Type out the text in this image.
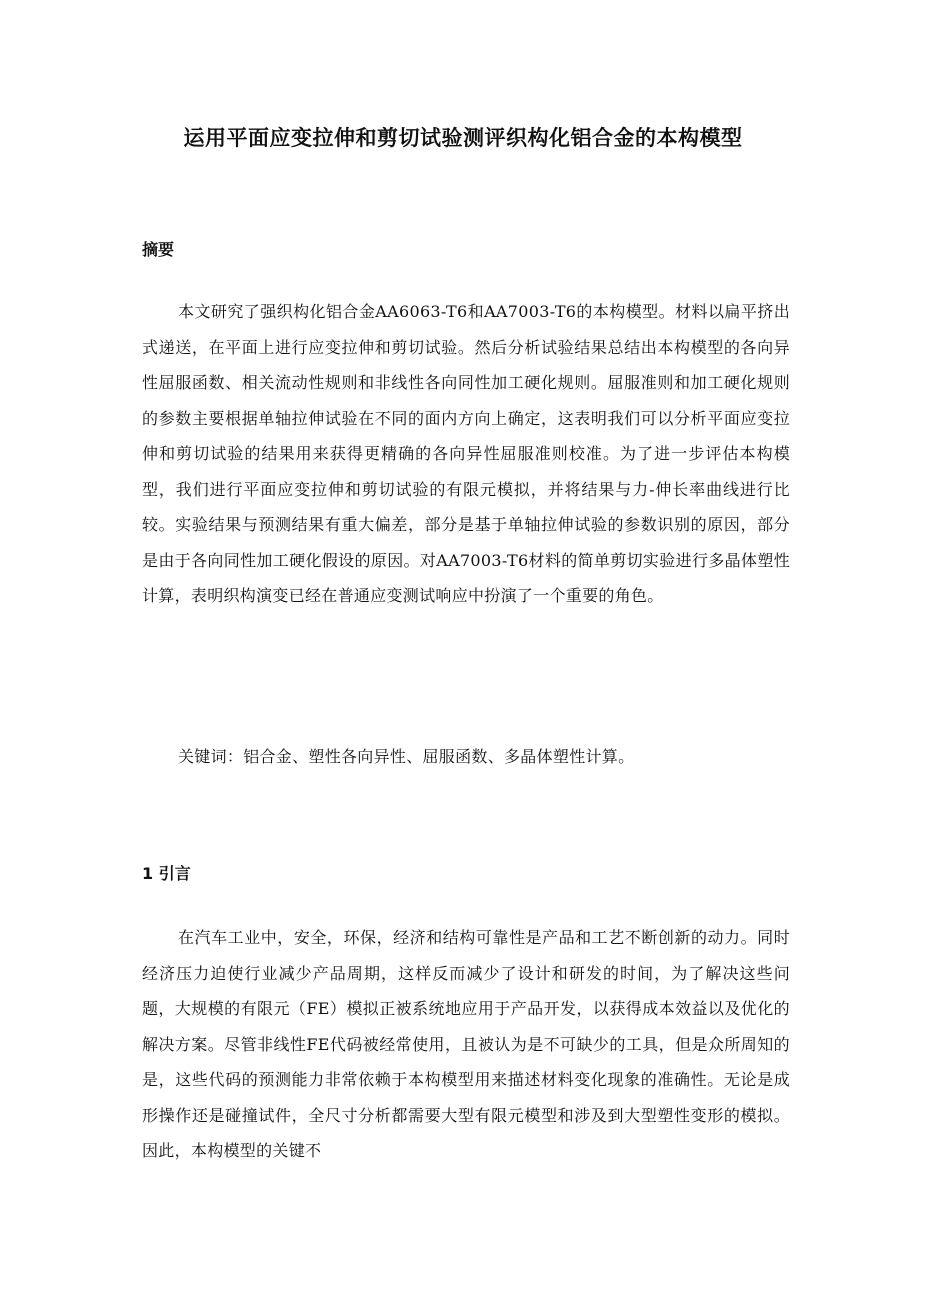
运用平面应变拉伸和剪切试验测评织构化铝合金的本构模型
摘要

本文研究了强织构化铝合金AA6063-T6和AA7003-T6的本构模型。材料以扁平挤出式递送，在平面上进行应变拉伸和剪切试验。然后分析试验结果总结出本构模型的各向异性屈服函数、相关流动性规则和非线性各向同性加工硬化规则。屈服准则和加工硬化规则的参数主要根据单轴拉伸试验在不同的面内方向上确定，这表明我们可以分析平面应变拉伸和剪切试验的结果用来获得更精确的各向异性屈服准则校准。为了进一步评估本构模型，我们进行平面应变拉伸和剪切试验的有限元模拟，并将结果与力-伸长率曲线进行比较。实验结果与预测结果有重大偏差，部分是基于单轴拉伸试验的参数识别的原因，部分是由于各向同性加工硬化假设的原因。对AA7003-T6材料的简单剪切实验进行多晶体塑性计算，表明织构演变已经在普通应变测试响应中扮演了一个重要的角色。

关键词：铝合金、塑性各向异性、屈服函数、多晶体塑性计算。

1 引言

在汽车工业中，安全，环保，经济和结构可靠性是产品和工艺不断创新的动力。同时经济压力迫使行业减少产品周期，这样反而减少了设计和研发的时间，为了解决这些问题，大规模的有限元（FE）模拟正被系统地应用于产品开发，以获得成本效益以及优化的解决方案。尽管非线性FE代码被经常使用，且被认为是不可缺少的工具，但是众所周知的是，这些代码的预测能力非常依赖于本构模型用来描述材料变化现象的准确性。无论是成形操作还是碰撞试件，全尺寸分析都需要大型有限元模型和涉及到大型塑性变形的模拟。因此，本构模型的关键不
